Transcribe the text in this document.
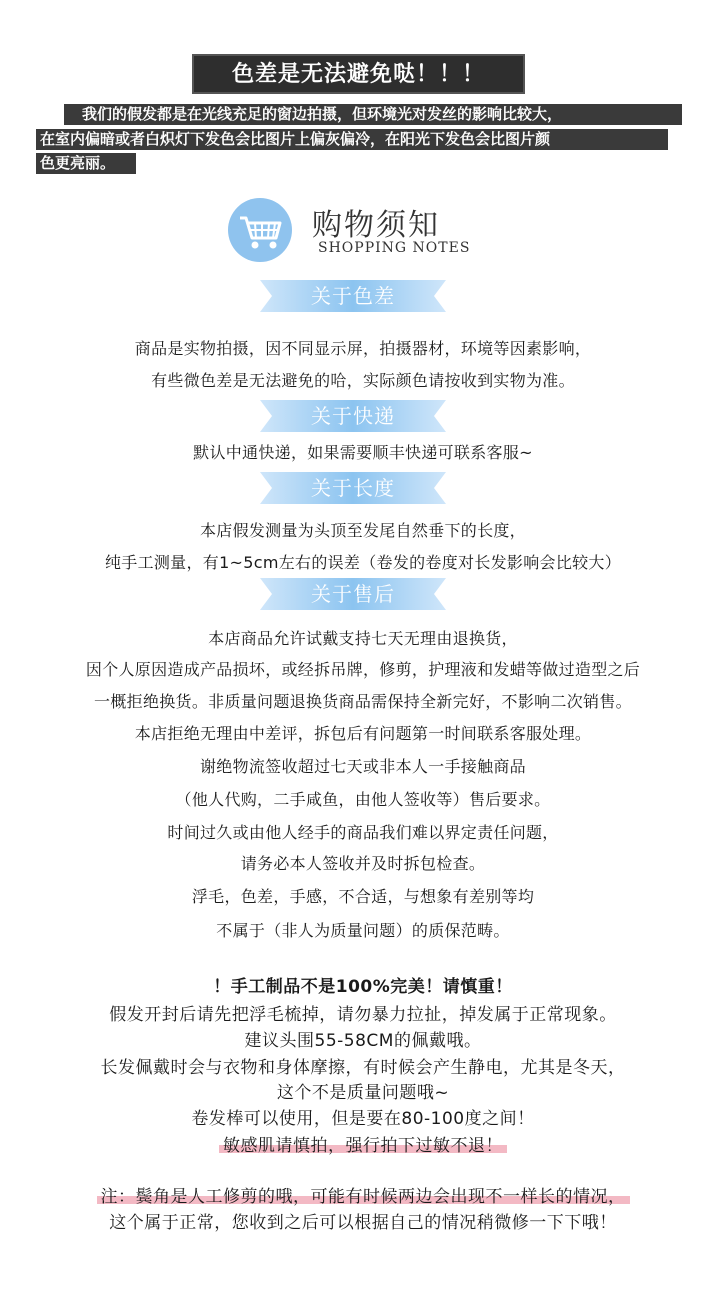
色差是无法避免哒！！！
我们的假发都是在光线充足的窗边拍摄，但环境光对发丝的影响比较大，
在室内偏暗或者白炽灯下发色会比图片上偏灰偏冷，在阳光下发色会比图片颜
色更亮丽。
购物须知
SHOPPING NOTES
关于色差
商品是实物拍摄，因不同显示屏，拍摄器材，环境等因素影响，
有些微色差是无法避免的哈，实际颜色请按收到实物为准。
关于快递
默认中通快递，如果需要顺丰快递可联系客服~
关于长度
本店假发测量为头顶至发尾自然垂下的长度，
纯手工测量，有1~5cm左右的误差（卷发的卷度对长发影响会比较大）
关于售后
本店商品允许试戴支持七天无理由退换货，
因个人原因造成产品损坏，或经拆吊牌，修剪，护理液和发蜡等做过造型之后
一概拒绝换货。非质量问题退换货商品需保持全新完好，不影响二次销售。
本店拒绝无理由中差评，拆包后有问题第一时间联系客服处理。
谢绝物流签收超过七天或非本人一手接触商品
（他人代购，二手咸鱼，由他人签收等）售后要求。
时间过久或由他人经手的商品我们难以界定责任问题，
请务必本人签收并及时拆包检查。
浮毛，色差，手感，不合适，与想象有差别等均
不属于（非人为质量问题）的质保范畴。
！手工制品不是100%完美！请慎重！
假发开封后请先把浮毛梳掉，请勿暴力拉扯，掉发属于正常现象。
建议头围55-58CM的佩戴哦。
长发佩戴时会与衣物和身体摩擦，有时候会产生静电，尤其是冬天，
这个不是质量问题哦~
卷发棒可以使用，但是要在80-100度之间！
敏感肌请慎拍，强行拍下过敏不退！
注：鬓角是人工修剪的哦，可能有时候两边会出现不一样长的情况，
这个属于正常，您收到之后可以根据自己的情况稍微修一下下哦！
